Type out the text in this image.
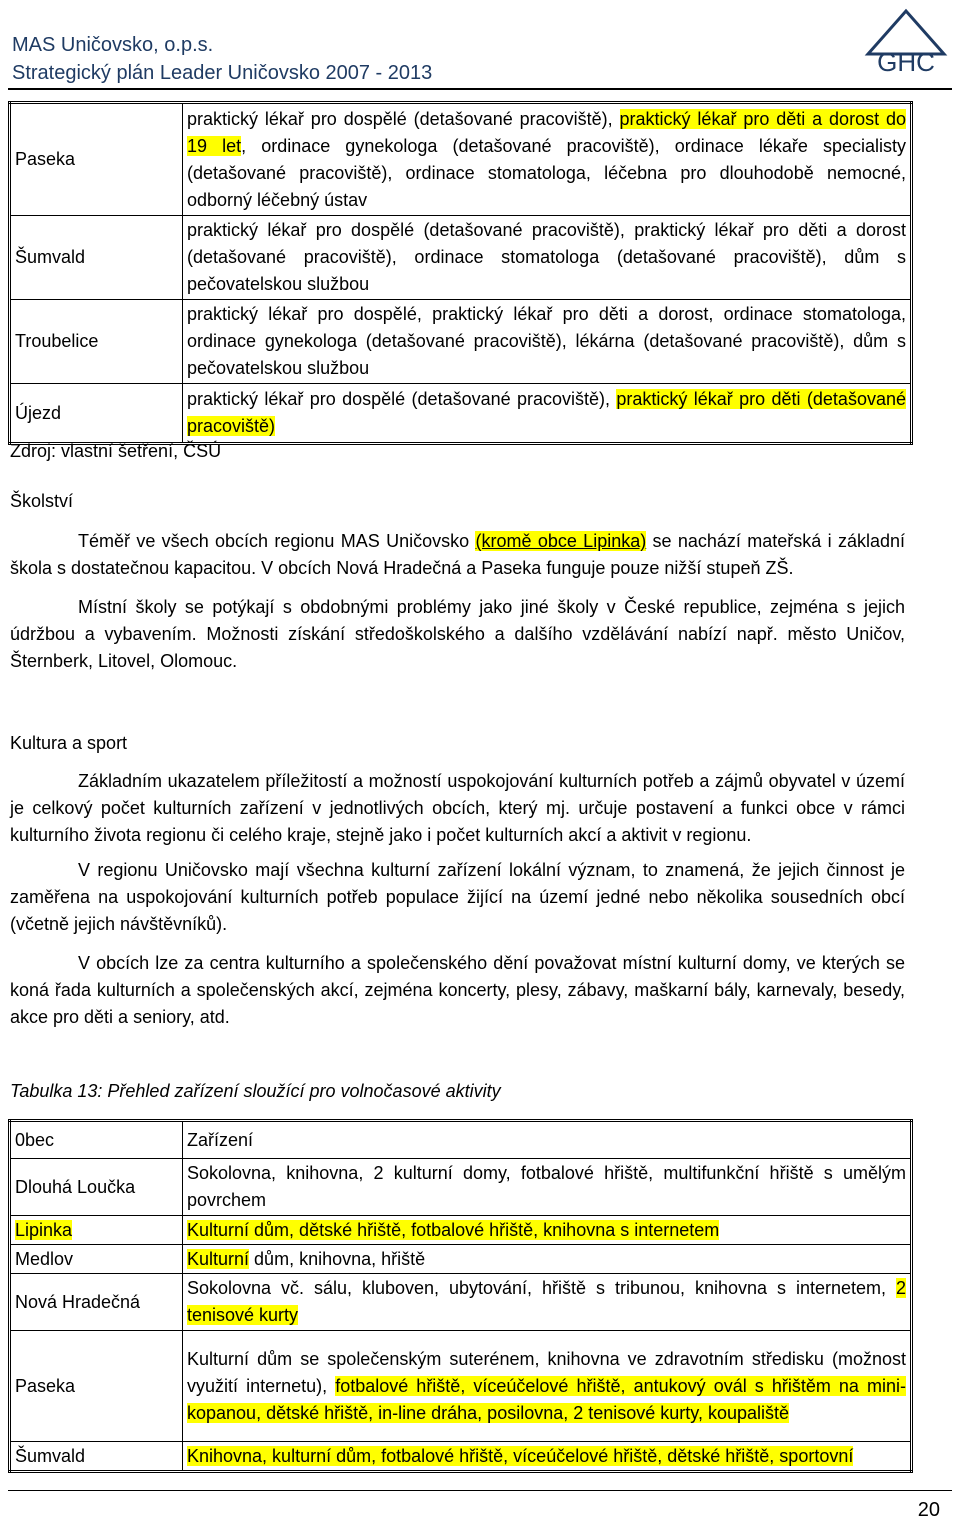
MAS Uničovsko, o.p.s.
Strategický plán Leader Uničovsko 2007 - 2013	GHC
Paseka	praktický lékař pro dospělé (detašované pracoviště), praktický lékař pro děti a dorost do 19 let, ordinace gynekologa (detašované pracoviště), ordinace lékaře specialisty (detašované pracoviště), ordinace stomatologa, léčebna pro dlouhodobě nemocné, odborný léčebný ústav
Šumvald	praktický lékař pro dospělé (detašované pracoviště), praktický lékař pro děti a dorost (detašované pracoviště), ordinace stomatologa (detašované pracoviště), dům s pečovatelskou službou
Troubelice	praktický lékař pro dospělé, praktický lékař pro děti a dorost, ordinace stomatologa, ordinace gynekologa (detašované pracoviště), lékárna (detašované pracoviště), dům s pečovatelskou službou
Újezd	praktický lékař pro dospělé (detašované pracoviště), praktický lékař pro děti (detašované pracoviště)
Zdroj: vlastní šetření, ČSÚ
Školství

Téměř ve všech obcích regionu MAS Uničovsko (kromě obce Lipinka) se nachází mateřská i základní škola s dostatečnou kapacitou. V obcích Nová Hradečná a Paseka funguje pouze nižší stupeň ZŠ.

Místní školy se potýkají s obdobnými problémy jako jiné školy v České republice, zejména s jejich údržbou a vybavením. Možnosti získání středoškolského a dalšího vzdělávání nabízí např. město Uničov, Šternberk, Litovel, Olomouc.

Kultura a sport

Základním ukazatelem příležitostí a možností uspokojování kulturních potřeb a zájmů obyvatel v území je celkový počet kulturních zařízení v jednotlivých obcích, který mj. určuje postavení a funkci obce v rámci kulturního života regionu či celého kraje, stejně jako i počet kulturních akcí a aktivit v regionu.

V regionu Uničovsko mají všechna kulturní zařízení lokální význam, to znamená, že jejich činnost je zaměřena na uspokojování kulturních potřeb populace žijící na území jedné nebo několika sousedních obcí (včetně jejich návštěvníků).

V obcích lze za centra kulturního a společenského dění považovat místní kulturní domy, ve kterých se koná řada kulturních a společenských akcí, zejména koncerty, plesy, zábavy, maškarní bály, karnevaly, besedy, akce pro děti a seniory, atd.

Tabulka 13: Přehled zařízení sloužící pro volnočasové aktivity
0bec	Zařízení
Dlouhá Loučka	Sokolovna, knihovna, 2 kulturní domy, fotbalové hřiště, multifunkční hřiště s umělým povrchem
Lipinka	Kulturní dům, dětské hřiště, fotbalové hřiště, knihovna s internetem
Medlov	Kulturní dům, knihovna, hřiště
Nová Hradečná	Sokolovna vč. sálu, kluboven, ubytování, hřiště s tribunou, knihovna s internetem, 2 tenisové kurty
Paseka	Kulturní dům se společenským suterénem, knihovna ve zdravotním středisku (možnost využití internetu), fotbalové hřiště, víceúčelové hřiště, antukový ovál s hřištěm na mini-kopanou, dětské hřiště, in-line dráha, posilovna, 2 tenisové kurty, koupaliště
Šumvald	Knihovna, kulturní dům, fotbalové hřiště, víceúčelové hřiště, dětské hřiště, sportovní
20
